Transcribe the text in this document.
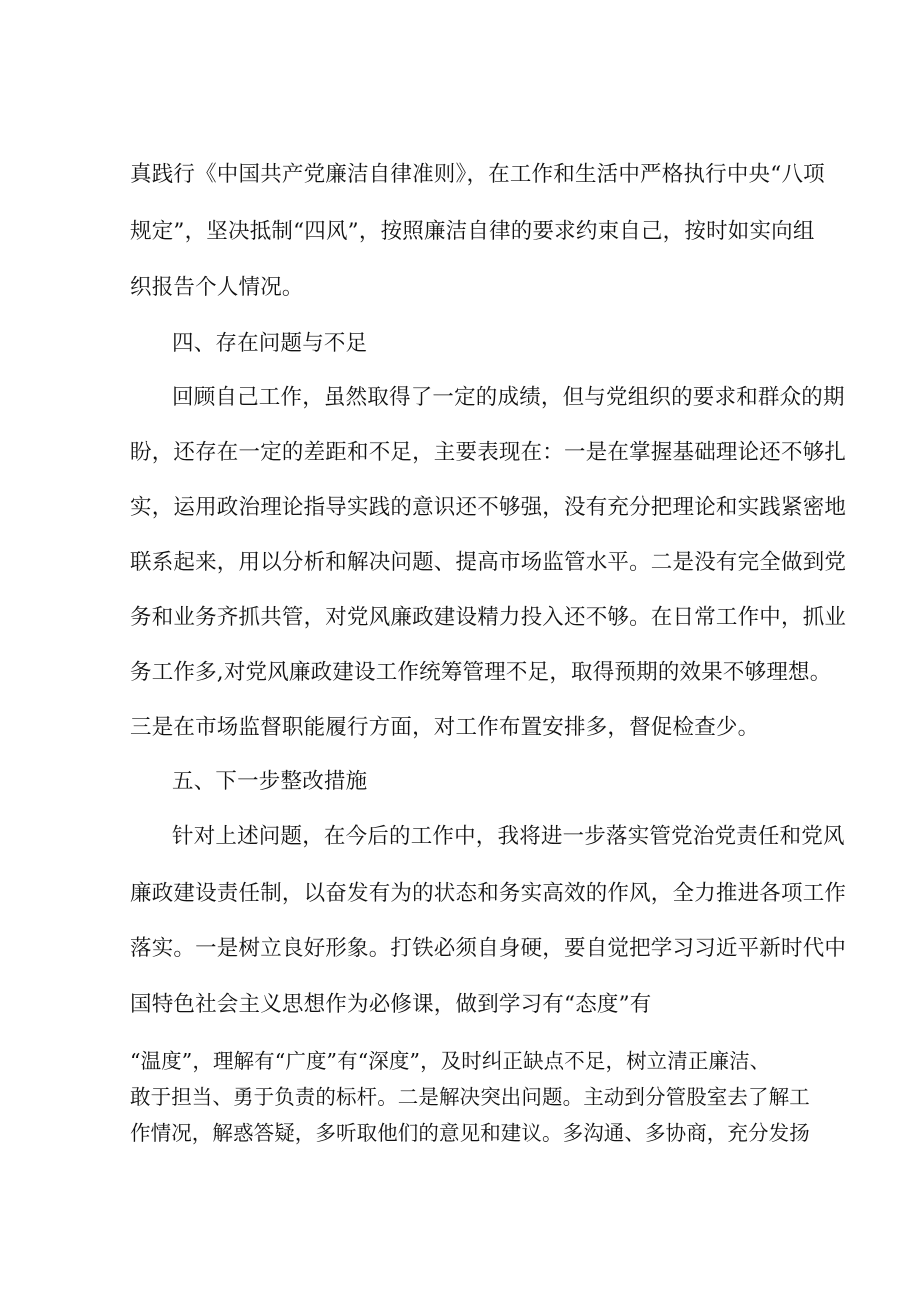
真践行《中国共产党廉洁自律准则》，在工作和生活中严格执行中央“八项
规定”，坚决抵制“四风”，按照廉洁自律的要求约束自己，按时如实向组
织报告个人情况。
四、存在问题与不足
回顾自己工作，虽然取得了一定的成绩，但与党组织的要求和群众的期
盼，还存在一定的差距和不足，主要表现在：一是在掌握基础理论还不够扎
实，运用政治理论指导实践的意识还不够强，没有充分把理论和实践紧密地
联系起来，用以分析和解决问题、提高市场监管水平。二是没有完全做到党
务和业务齐抓共管，对党风廉政建设精力投入还不够。在日常工作中，抓业
务工作多,对党风廉政建设工作统筹管理不足，取得预期的效果不够理想。
三是在市场监督职能履行方面，对工作布置安排多，督促检查少。
五、下一步整改措施
针对上述问题，在今后的工作中，我将进一步落实管党治党责任和党风
廉政建设责任制，以奋发有为的状态和务实高效的作风，全力推进各项工作
落实。一是树立良好形象。打铁必须自身硬，要自觉把学习习近平新时代中
国特色社会主义思想作为必修课，做到学习有“态度”有
“温度”，理解有“广度”有“深度”，及时纠正缺点不足，树立清正廉洁、
敢于担当、勇于负责的标杆。二是解决突出问题。主动到分管股室去了解工
作情况，解惑答疑，多听取他们的意见和建议。多沟通、多协商，充分发扬
